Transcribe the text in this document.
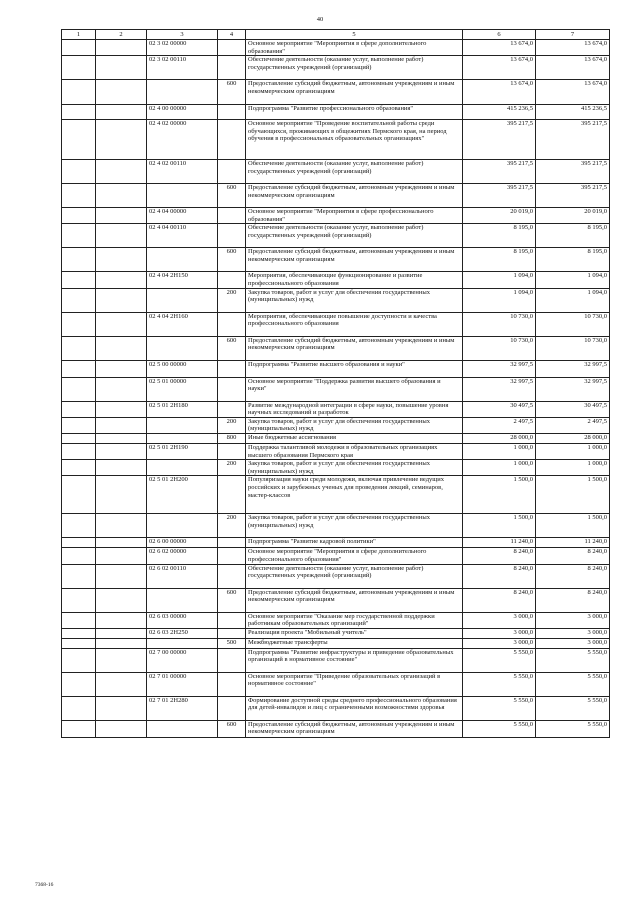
40
1	2	3	4	5	6	7
		02 3 02 00000		Основное мероприятие "Мероприятия в сфере дополнительного образования"	13 674,0	13 674,0
		02 3 02 00110		Обеспечение деятельности (оказание услуг, выполнение работ) государственных учреждений (организаций)	13 674,0	13 674,0
			600	Предоставление субсидий бюджетным, автономным учреждениям и иным некоммерческим организациям	13 674,0	13 674,0
		02 4 00 00000		Подпрограмма "Развитие профессионального образования"	415 236,5	415 236,5
		02 4 02 00000		Основное мероприятие "Проведение воспитательной работы среди обучающихся, проживающих в общежитиях Пермского края, на период обучения в профессиональных образовательных организациях"	395 217,5	395 217,5
		02 4 02 00110		Обеспечение деятельности (оказание услуг, выполнение работ) государственных учреждений (организаций)	395 217,5	395 217,5
			600	Предоставление субсидий бюджетным, автономным учреждениям и иным некоммерческим организациям	395 217,5	395 217,5
		02 4 04 00000		Основное мероприятие "Мероприятия в сфере профессионального образования"	20 019,0	20 019,0
		02 4 04 00110		Обеспечение деятельности (оказание услуг, выполнение работ) государственных учреждений (организаций)	8 195,0	8 195,0
			600	Предоставление субсидий бюджетным, автономным учреждениям и иным некоммерческим организациям	8 195,0	8 195,0
		02 4 04 2Н150		Мероприятия, обеспечивающие функционирование и развитие профессионального образования	1 094,0	1 094,0
			200	Закупка товаров, работ и услуг для обеспечения государственных (муниципальных) нужд	1 094,0	1 094,0
		02 4 04 2Н160		Мероприятия, обеспечивающие повышение доступности и качества профессионального образования	10 730,0	10 730,0
			600	Предоставление субсидий бюджетным, автономным учреждениям и иным некоммерческим организациям	10 730,0	10 730,0
		02 5 00 00000		Подпрограмма "Развитие высшего образования и науки"	32 997,5	32 997,5
		02 5 01 00000		Основное мероприятие "Поддержка развития высшего образования и науки"	32 997,5	32 997,5
		02 5 01 2Н180		Развитие международной интеграции в сфере науки, повышение уровня научных исследований и разработок	30 497,5	30 497,5
			200	Закупка товаров, работ и услуг для обеспечения государственных (муниципальных) нужд	2 497,5	2 497,5
			800	Иные бюджетные ассигнования	28 000,0	28 000,0
		02 5 01 2Н190		Поддержка талантливой молодежи в образовательных организациях высшего образования Пермского края	1 000,0	1 000,0
			200	Закупка товаров, работ и услуг для обеспечения государственных (муниципальных) нужд	1 000,0	1 000,0
		02 5 01 2Н200		Популяризация науки среди молодежи, включая привлечение ведущих российских и зарубежных ученых для проведения лекций, семинаров, мастер-классов	1 500,0	1 500,0
			200	Закупка товаров, работ и услуг для обеспечения государственных (муниципальных) нужд	1 500,0	1 500,0
		02 6 00 00000		Подпрограмма "Развитие кадровой политики"	11 240,0	11 240,0
		02 6 02 00000		Основное мероприятие "Мероприятия в сфере дополнительного профессионального образования"	8 240,0	8 240,0
		02 6 02 00110		Обеспечение деятельности (оказание услуг, выполнение работ) государственных учреждений (организаций)	8 240,0	8 240,0
			600	Предоставление субсидий бюджетным, автономным учреждениям и иным некоммерческим организациям	8 240,0	8 240,0
		02 6 03 00000		Основное мероприятие "Оказание мер государственной поддержки работникам образовательных организаций"	3 000,0	3 000,0
		02 6 03 2Н250		Реализация проекта "Мобильный учитель"	3 000,0	3 000,0
			500	Межбюджетные трансферты	3 000,0	3 000,0
		02 7 00 00000		Подпрограмма "Развитие инфраструктуры и приведение образовательных организаций в нормативное состояние"	5 550,0	5 550,0
		02 7 01 00000		Основное мероприятие "Приведение образовательных организаций в нормативное состояние"	5 550,0	5 550,0
		02 7 01 2Н280		Формирование доступной среды среднего профессионального образования для детей-инвалидов и лиц с ограниченными возможностями здоровья	5 550,0	5 550,0
			600	Предоставление субсидий бюджетным, автономным учреждениям и иным некоммерческим организациям	5 550,0	5 550,0
7368-16
